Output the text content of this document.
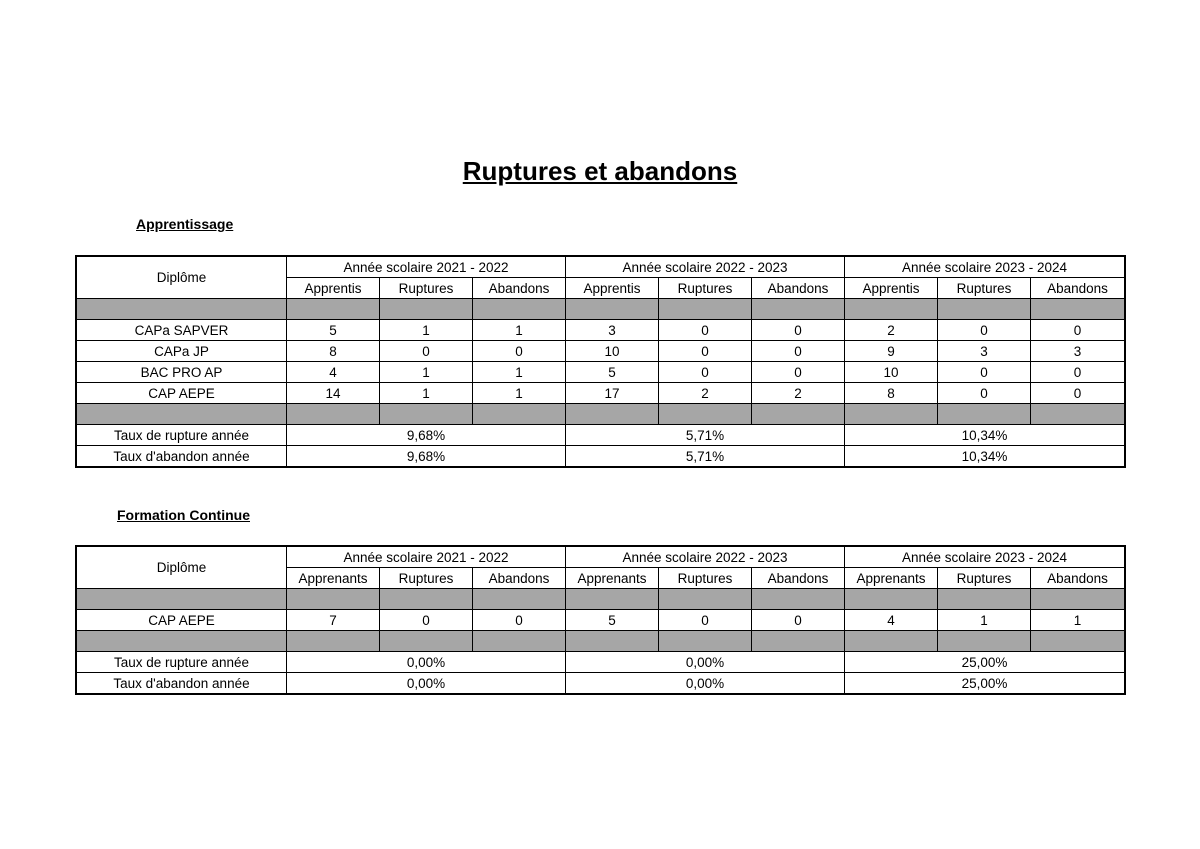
Ruptures et abandons
Apprentissage
Diplôme	Année scolaire 2021 - 2022			Année scolaire 2022 - 2023			Année scolaire 2023 - 2024		
	Apprentis	Ruptures	Abandons	Apprentis	Ruptures	Abandons	Apprentis	Ruptures	Abandons

CAPa SAPVER	5	1	1	3	0	0	2	0	0
CAPa JP	8	0	0	10	0	0	9	3	3
BAC PRO AP	4	1	1	5	0	0	10	0	0
CAP AEPE	14	1	1	17	2	2	8	0	0

Taux de rupture année	9,68%			5,71%			10,34%		
Taux d'abandon année	9,68%			5,71%			10,34%		
Formation Continue
Diplôme	Année scolaire 2021 - 2022			Année scolaire 2022 - 2023			Année scolaire 2023 - 2024		
	Apprenants	Ruptures	Abandons	Apprenants	Ruptures	Abandons	Apprenants	Ruptures	Abandons

CAP AEPE	7	0	0	5	0	0	4	1	1

Taux de rupture année	0,00%			0,00%			25,00%		
Taux d'abandon année	0,00%			0,00%			25,00%		
